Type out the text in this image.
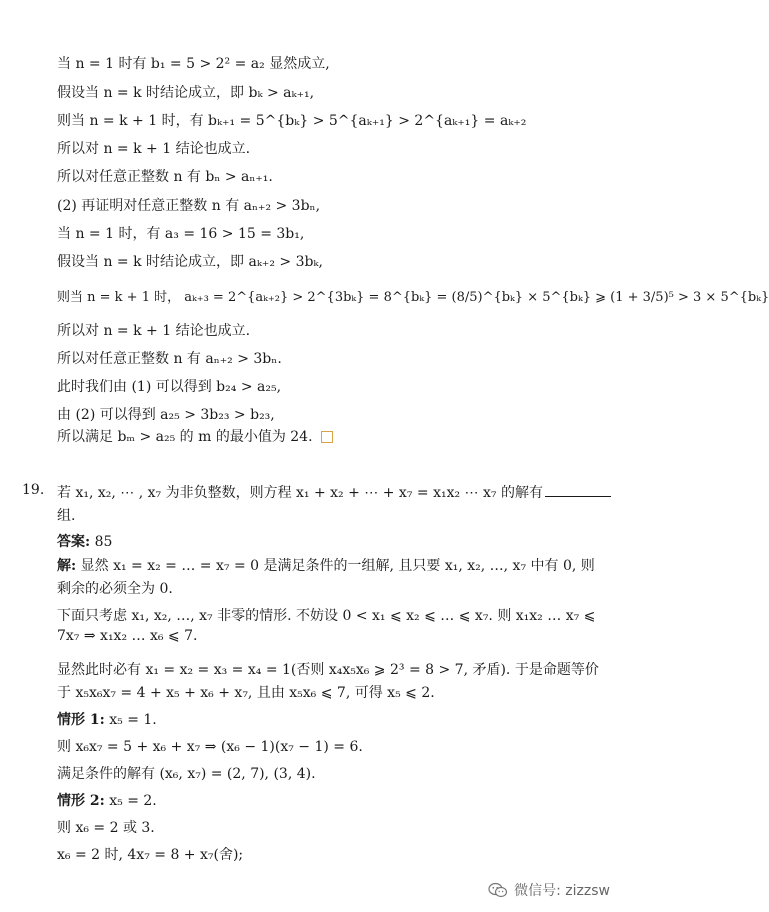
当 n = 1 时有 b₁ = 5 > 2² = a₂ 显然成立,
假设当 n = k 时结论成立，即 bₖ > aₖ₊₁,
则当 n = k + 1 时，有 bₖ₊₁ = 5^{bₖ} > 5^{aₖ₊₁} > 2^{aₖ₊₁} = aₖ₊₂
所以对 n = k + 1 结论也成立.
所以对任意正整数 n 有 bₙ > aₙ₊₁.
(2) 再证明对任意正整数 n 有 aₙ₊₂ > 3bₙ,
当 n = 1 时，有 a₃ = 16 > 15 = 3b₁,
假设当 n = k 时结论成立，即 aₖ₊₂ > 3bₖ,
则当 n = k + 1 时， aₖ₊₃ = 2^{aₖ₊₂} > 2^{3bₖ} = 8^{bₖ} = (8/5)^{bₖ} × 5^{bₖ} ⩾ (1 + 3/5)⁵ > 3 × 5^{bₖ}
所以对 n = k + 1 结论也成立.
所以对任意正整数 n 有 aₙ₊₂ > 3bₙ.
此时我们由 (1) 可以得到 b₂₄ > a₂₅,
由 (2) 可以得到 a₂₅ > 3b₂₃ > b₂₃,
所以满足 bₘ > a₂₅ 的 m 的最小值为 24.
19. 若 x₁, x₂, ⋯ , x₇ 为非负整数，则方程 x₁ + x₂ + ⋯ + x₇ = x₁x₂ ⋯ x₇ 的解有
组.
答案: 85
解: 显然 x₁ = x₂ = … = x₇ = 0 是满足条件的一组解, 且只要 x₁, x₂, …, x₇ 中有 0, 则
剩余的必须全为 0.
下面只考虑 x₁, x₂, …, x₇ 非零的情形. 不妨设 0 < x₁ ⩽ x₂ ⩽ … ⩽ x₇. 则 x₁x₂ … x₇ ⩽
7x₇ ⇒ x₁x₂ … x₆ ⩽ 7.
显然此时必有 x₁ = x₂ = x₃ = x₄ = 1(否则 x₄x₅x₆ ⩾ 2³ = 8 > 7, 矛盾). 于是命题等价
于 x₅x₆x₇ = 4 + x₅ + x₆ + x₇, 且由 x₅x₆ ⩽ 7, 可得 x₅ ⩽ 2.
情形 1: x₅ = 1.
则 x₆x₇ = 5 + x₆ + x₇ ⇒ (x₆ − 1)(x₇ − 1) = 6.
满足条件的解有 (x₆, x₇) = (2, 7), (3, 4).
情形 2: x₅ = 2.
则 x₆ = 2 或 3.
x₆ = 2 时, 4x₇ = 8 + x₇(舍);
微信号: zizzsw
